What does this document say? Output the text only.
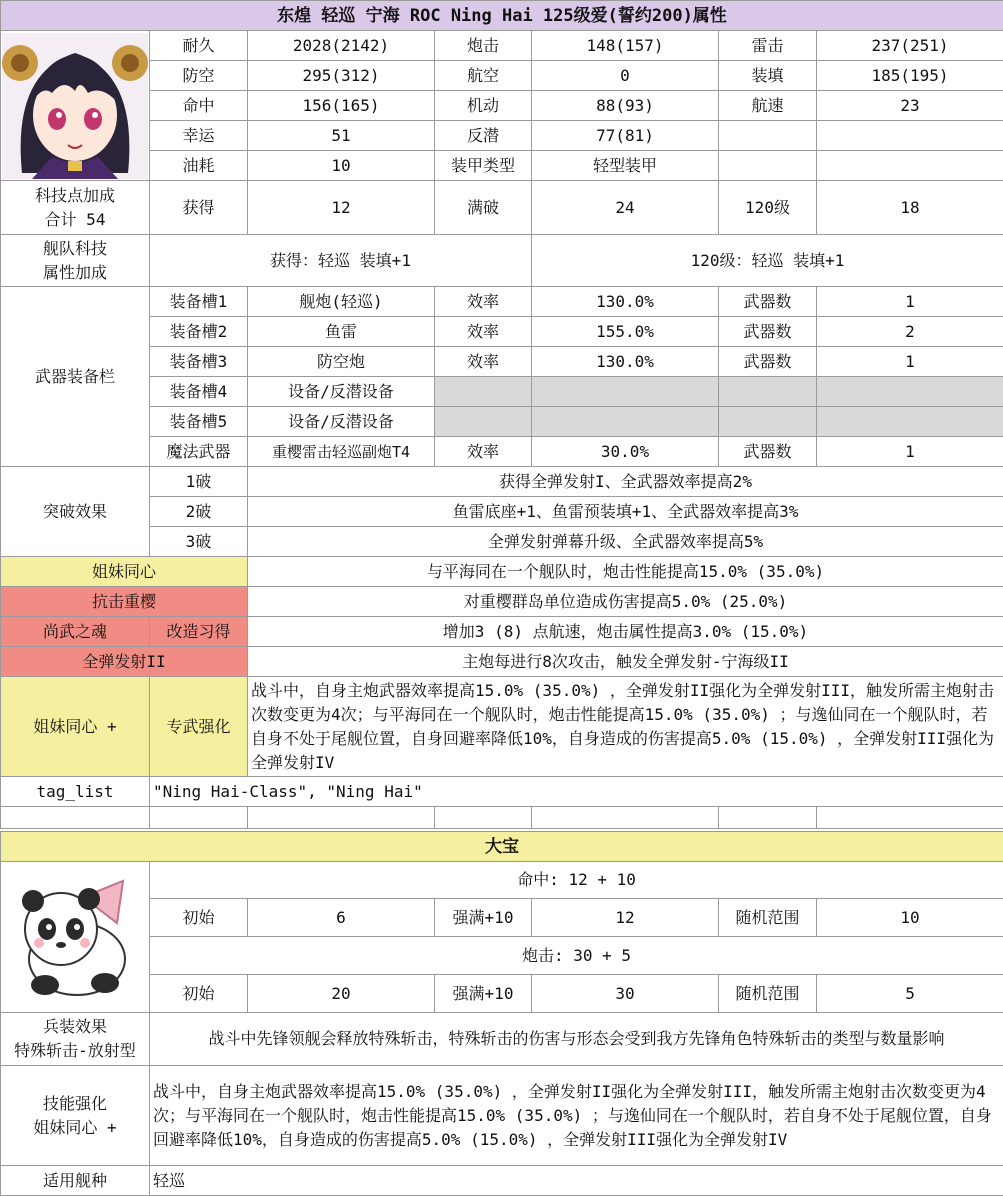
东煌 轻巡 宁海 ROC Ning Hai 125级爱(誓约200)属性						

	耐久	2028(2142)	炮击	148(157)	雷击	237(251)
	防空	295(312)	航空	0	装填	185(195)
	命中	156(165)	机动	88(93)	航速	23
	幸运	51	反潜	77(81)		
	油耗	10	装甲类型	轻型装甲		
科技点加成
合计 54	获得	12	满破	24	120级	18
舰队科技
属性加成	获得：轻巡 装填+1			120级：轻巡 装填+1		
武器装备栏	装备槽1	舰炮(轻巡)	效率	130.0%	武器数	1
	装备槽2	鱼雷	效率	155.0%	武器数	2
	装备槽3	防空炮	效率	130.0%	武器数	1
	装备槽4	设备/反潜设备				
	装备槽5	设备/反潜设备				
	魔法武器	重樱雷击轻巡副炮T4	效率	30.0%	武器数	1
突破效果	1破	获得全弹发射I、全武器效率提高2%				
	2破	鱼雷底座+1、鱼雷预装填+1、全武器效率提高3%				
	3破	全弹发射弹幕升级、全武器效率提高5%				
姐妹同心		与平海同在一个舰队时，炮击性能提高15.0% (35.0%)				
抗击重樱		对重樱群岛单位造成伤害提高5.0% (25.0%)				
尚武之魂	改造习得	增加3 (8) 点航速，炮击属性提高3.0% (15.0%)				
全弹发射II		主炮每进行8次攻击，触发全弹发射-宁海级II				
姐妹同心 +	专武强化	战斗中，自身主炮武器效率提高15.0% (35.0%) ，全弹发射II强化为全弹发射III，触发所需主炮射击次数变更为4次；与平海同在一个舰队时，炮击性能提高15.0% (35.0%) ；与逸仙同在一个舰队时，若自身不处于尾舰位置，自身回避率降低10%，自身造成的伤害提高5.0% (15.0%) ，全弹发射III强化为全弹发射IV				
tag_list	"Ning Hai-Class", "Ning Hai"					

大宝						

	命中: 12 + 10					
	初始	6	强满+10	12	随机范围	10
	炮击: 30 + 5					
	初始	20	强满+10	30	随机范围	5
兵装效果
特殊斩击-放射型	战斗中先锋领舰会释放特殊斩击，特殊斩击的伤害与形态会受到我方先锋角色特殊斩击的类型与数量影响					
技能强化
姐妹同心 +	战斗中，自身主炮武器效率提高15.0% (35.0%) ，全弹发射II强化为全弹发射III，触发所需主炮射击次数变更为4次；与平海同在一个舰队时，炮击性能提高15.0% (35.0%) ；与逸仙同在一个舰队时，若自身不处于尾舰位置，自身回避率降低10%，自身造成的伤害提高5.0% (15.0%) ，全弹发射III强化为全弹发射IV					
适用舰种	轻巡					
